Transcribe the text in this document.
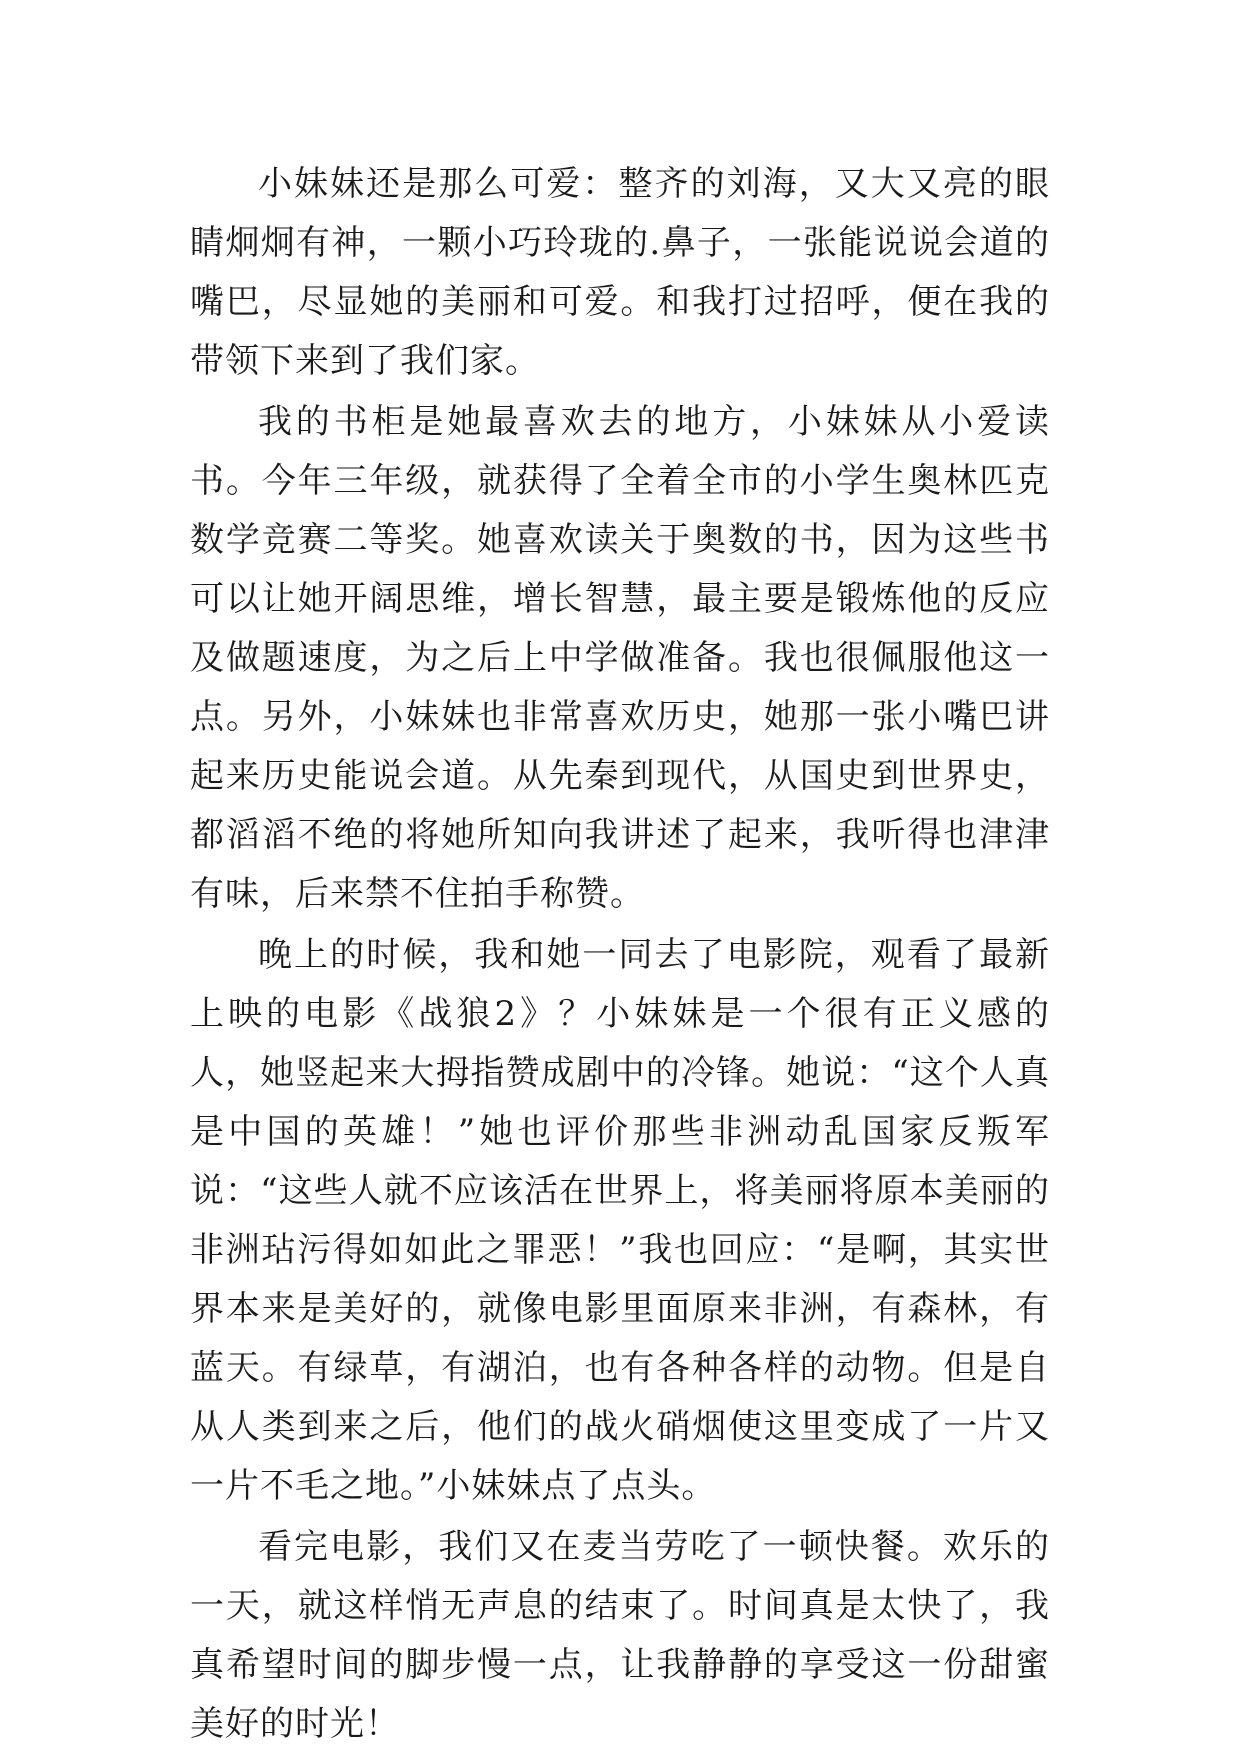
小妹妹还是那么可爱：整齐的刘海，又大又亮的眼睛炯炯有神，一颗小巧玲珑的.鼻子，一张能说说会道的嘴巴，尽显她的美丽和可爱。和我打过招呼，便在我的带领下来到了我们家。

我的书柜是她最喜欢去的地方，小妹妹从小爱读书。今年三年级，就获得了全着全市的小学生奥林匹克数学竞赛二等奖。她喜欢读关于奥数的书，因为这些书可以让她开阔思维，增长智慧，最主要是锻炼他的反应及做题速度，为之后上中学做准备。我也很佩服他这一点。另外，小妹妹也非常喜欢历史，她那一张小嘴巴讲起来历史能说会道。从先秦到现代，从国史到世界史，都滔滔不绝的将她所知向我讲述了起来，我听得也津津有味，后来禁不住拍手称赞。

晚上的时候，我和她一同去了电影院，观看了最新上映的电影《战狼2》？小妹妹是一个很有正义感的人，她竖起来大拇指赞成剧中的冷锋。她说：“这个人真是中国的英雄！”她也评价那些非洲动乱国家反叛军说：“这些人就不应该活在世界上，将美丽将原本美丽的非洲玷污得如如此之罪恶！”我也回应：“是啊，其实世界本来是美好的，就像电影里面原来非洲，有森林，有蓝天。有绿草，有湖泊，也有各种各样的动物。但是自从人类到来之后，他们的战火硝烟使这里变成了一片又一片不毛之地。”小妹妹点了点头。

看完电影，我们又在麦当劳吃了一顿快餐。欢乐的一天，就这样悄无声息的结束了。时间真是太快了，我真希望时间的脚步慢一点，让我静静的享受这一份甜蜜美好的时光！
